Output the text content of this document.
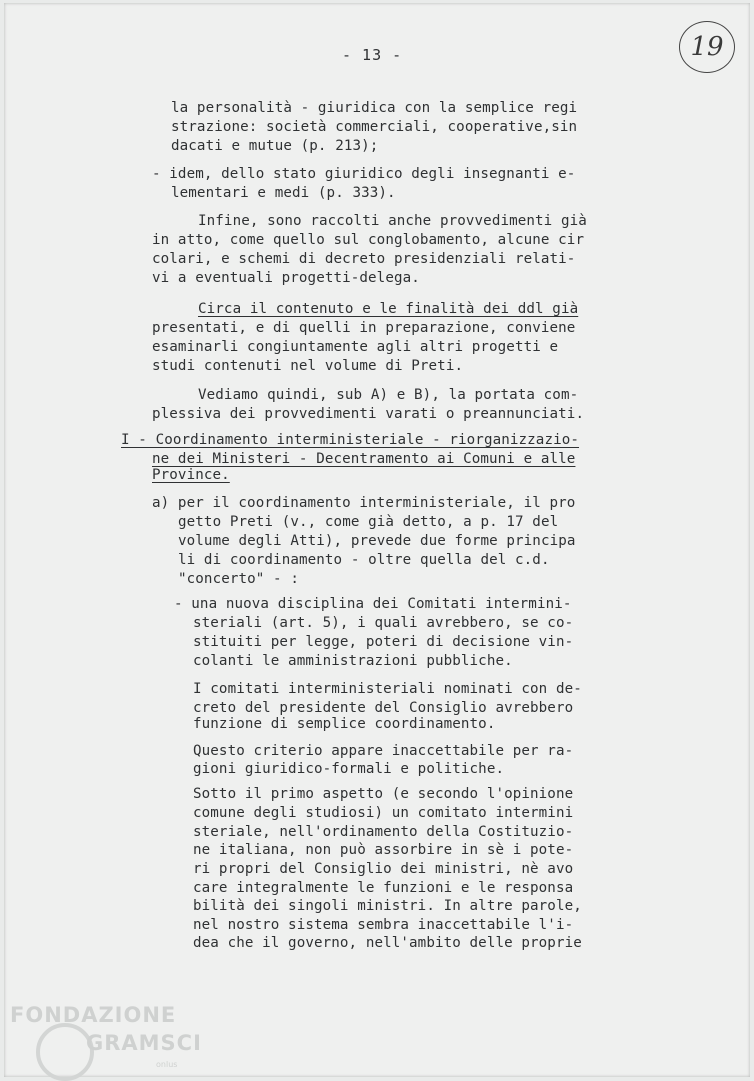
- 13 -	19
la personalità - giuridica con la semplice regi
strazione: società commerciali, cooperative,sin
dacati e mutue (p. 213);
- idem, dello stato giuridico degli insegnanti e-
lementari e medi (p. 333).
Infine, sono raccolti anche provvedimenti già
in atto, come quello sul conglobamento, alcune cir
colari, e schemi di decreto presidenziali relati-
vi a eventuali progetti-delega.
Circa il contenuto e le finalità dei ddl già
presentati, e di quelli in preparazione, conviene
esaminarli congiuntamente agli altri progetti e
studi contenuti nel volume di Preti.
Vediamo quindi, sub A) e B), la portata com-
plessiva dei provvedimenti varati o preannunciati.
I - Coordinamento interministeriale - riorganizzazio-
ne dei Ministeri - Decentramento ai Comuni e alle
Province.
a) per il coordinamento interministeriale, il pro
getto Preti (v., come già detto, a p. 17 del
volume degli Atti), prevede due forme principa
li di coordinamento - oltre quella del c.d.
"concerto" - :
- una nuova disciplina dei Comitati intermini-
steriali (art. 5), i quali avrebbero, se co-
stituiti per legge, poteri di decisione vin-
colanti le amministrazioni pubbliche.
I comitati interministeriali nominati con de-
creto del presidente del Consiglio avrebbero
funzione di semplice coordinamento.
Questo criterio appare inaccettabile per ra-
gioni giuridico-formali e politiche.
Sotto il primo aspetto (e secondo l'opinione
comune degli studiosi) un comitato intermini
steriale, nell'ordinamento della Costituzio-
ne italiana, non può assorbire in sè i pote-
ri propri del Consiglio dei ministri, nè avo
care integralmente le funzioni e le responsa
bilità dei singoli ministri. In altre parole,
nel nostro sistema sembra inaccettabile l'i-
dea che il governo, nell'ambito delle proprie
FONDAZIONE
GRAMSCI
onlus
